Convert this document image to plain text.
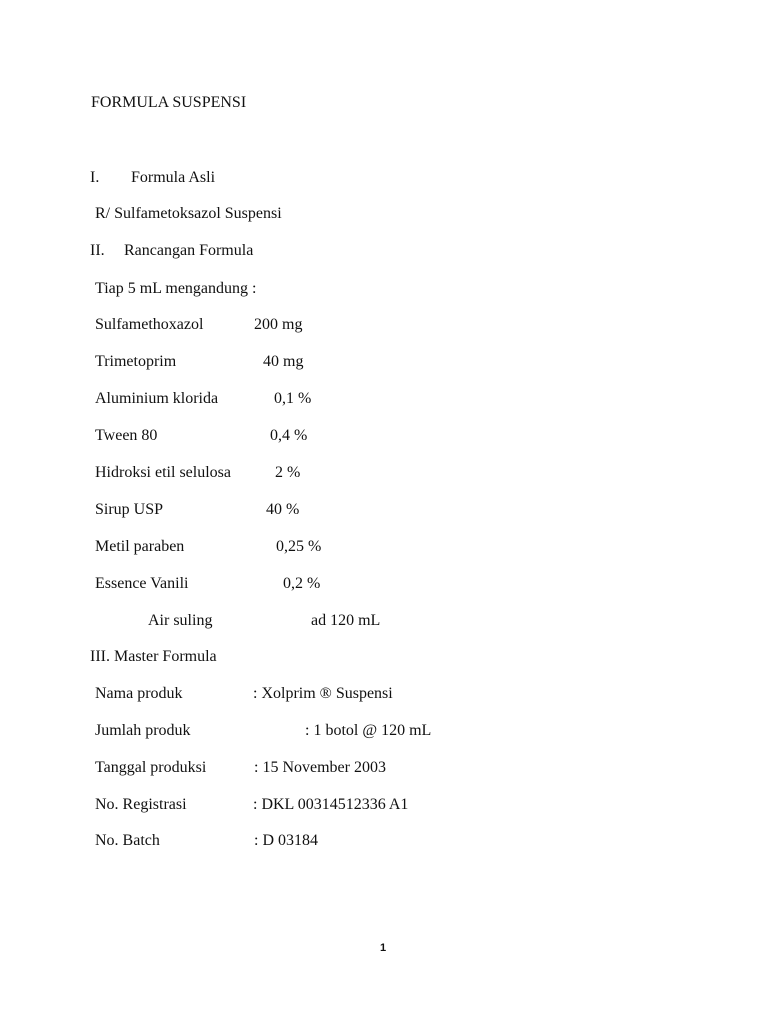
FORMULA SUSPENSI
I. Formula Asli
R/ Sulfametoksazol Suspensi
II. Rancangan Formula
Tiap 5 mL mengandung :
Sulfamethoxazol	200 mg
Trimetoprim	40 mg
Aluminium klorida	0,1 %
Tween 80	0,4 %
Hidroksi etil selulosa	2 %
Sirup USP	40 %
Metil paraben	0,25 %
Essence Vanili	0,2 %
Air suling	ad 120 mL
III. Master Formula
Nama produk	: Xolprim ® Suspensi
Jumlah produk	: 1 botol @ 120 mL
Tanggal produksi	: 15 November 2003
No. Registrasi	: DKL 00314512336 A1
No. Batch	: D 03184
1
